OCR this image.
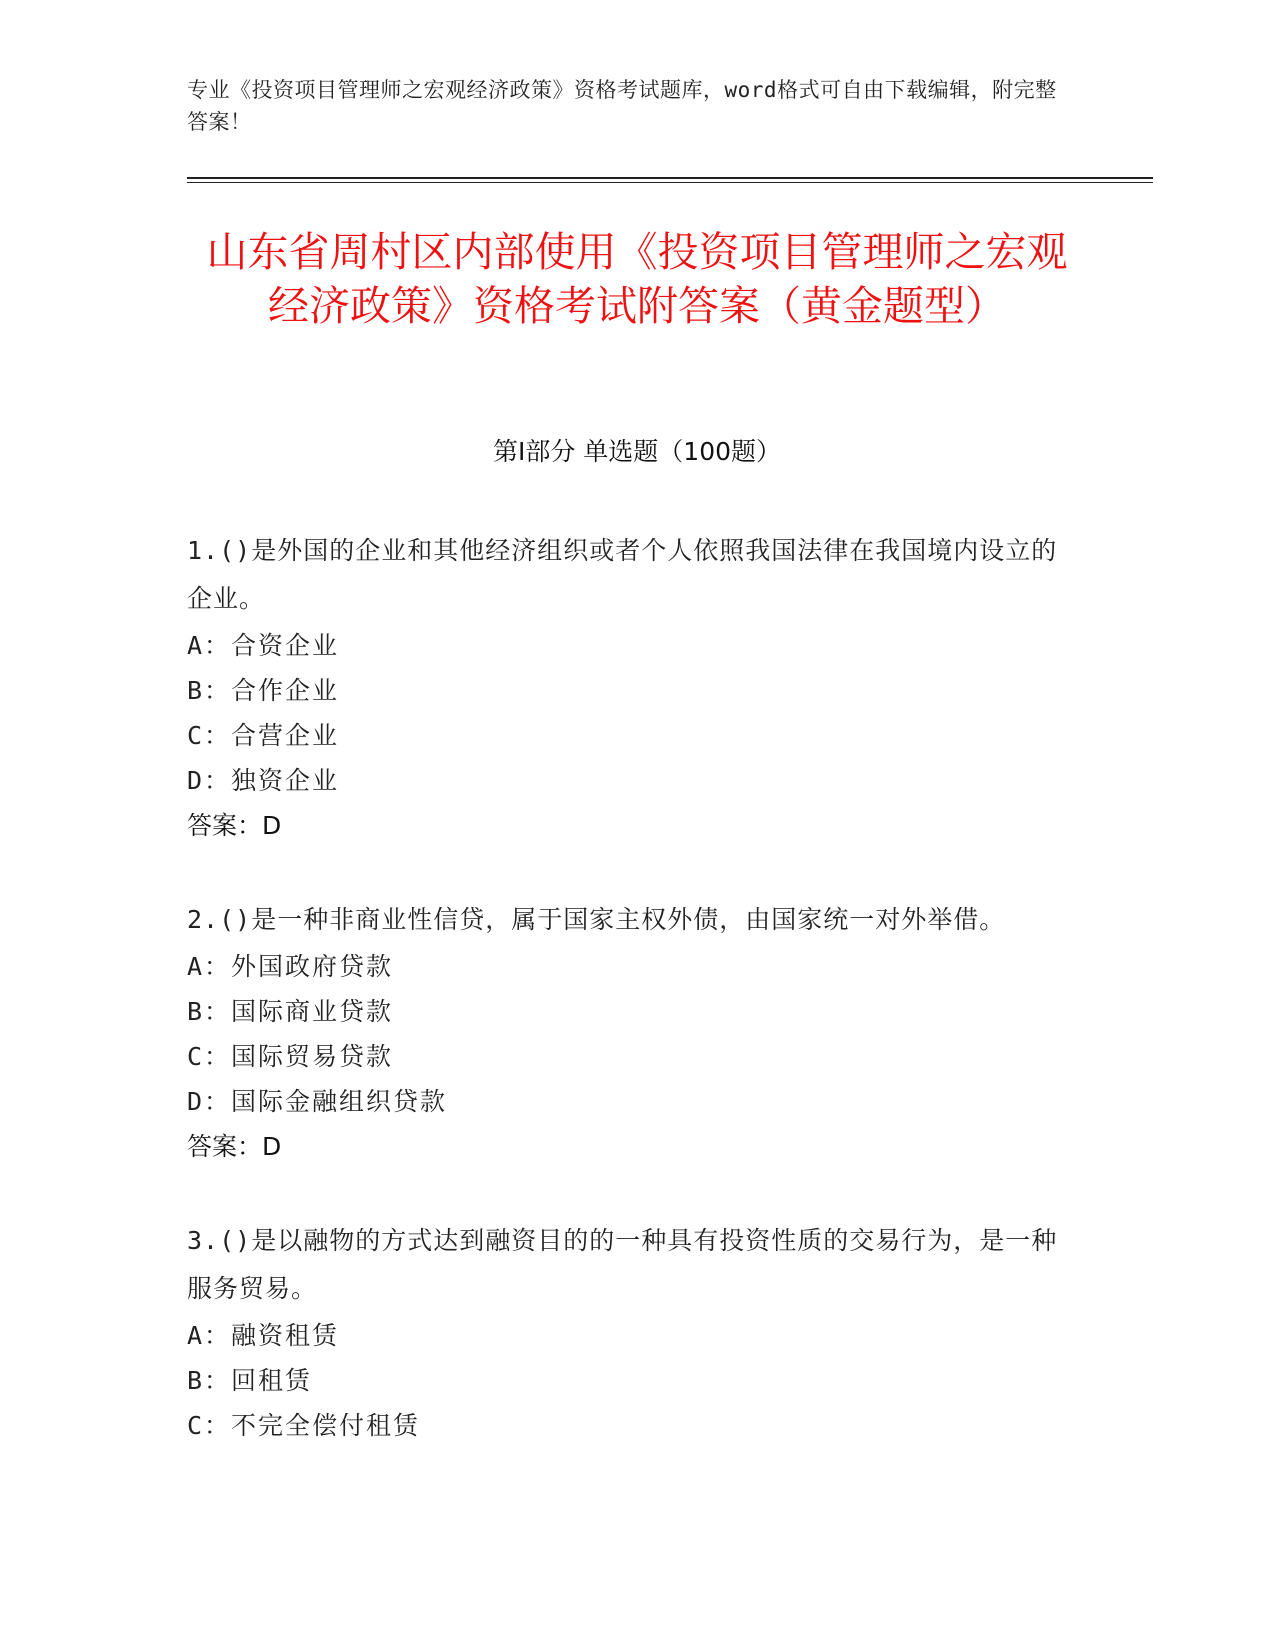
专业《投资项目管理师之宏观经济政策》资格考试题库，word格式可自由下载编辑，附完整答案！
山东省周村区内部使用《投资项目管理师之宏观经济政策》资格考试附答案（黄金题型）
第I部分 单选题（100题）
1.()是外国的企业和其他经济组织或者个人依照我国法律在我国境内设立的企业。
A：合资企业
B：合作企业
C：合营企业
D：独资企业
答案：D
2.()是一种非商业性信贷，属于国家主权外债，由国家统一对外举借。
A：外国政府贷款
B：国际商业贷款
C：国际贸易贷款
D：国际金融组织贷款
答案：D
3.()是以融物的方式达到融资目的的一种具有投资性质的交易行为，是一种服务贸易。
A：融资租赁
B：回租赁
C：不完全偿付租赁
